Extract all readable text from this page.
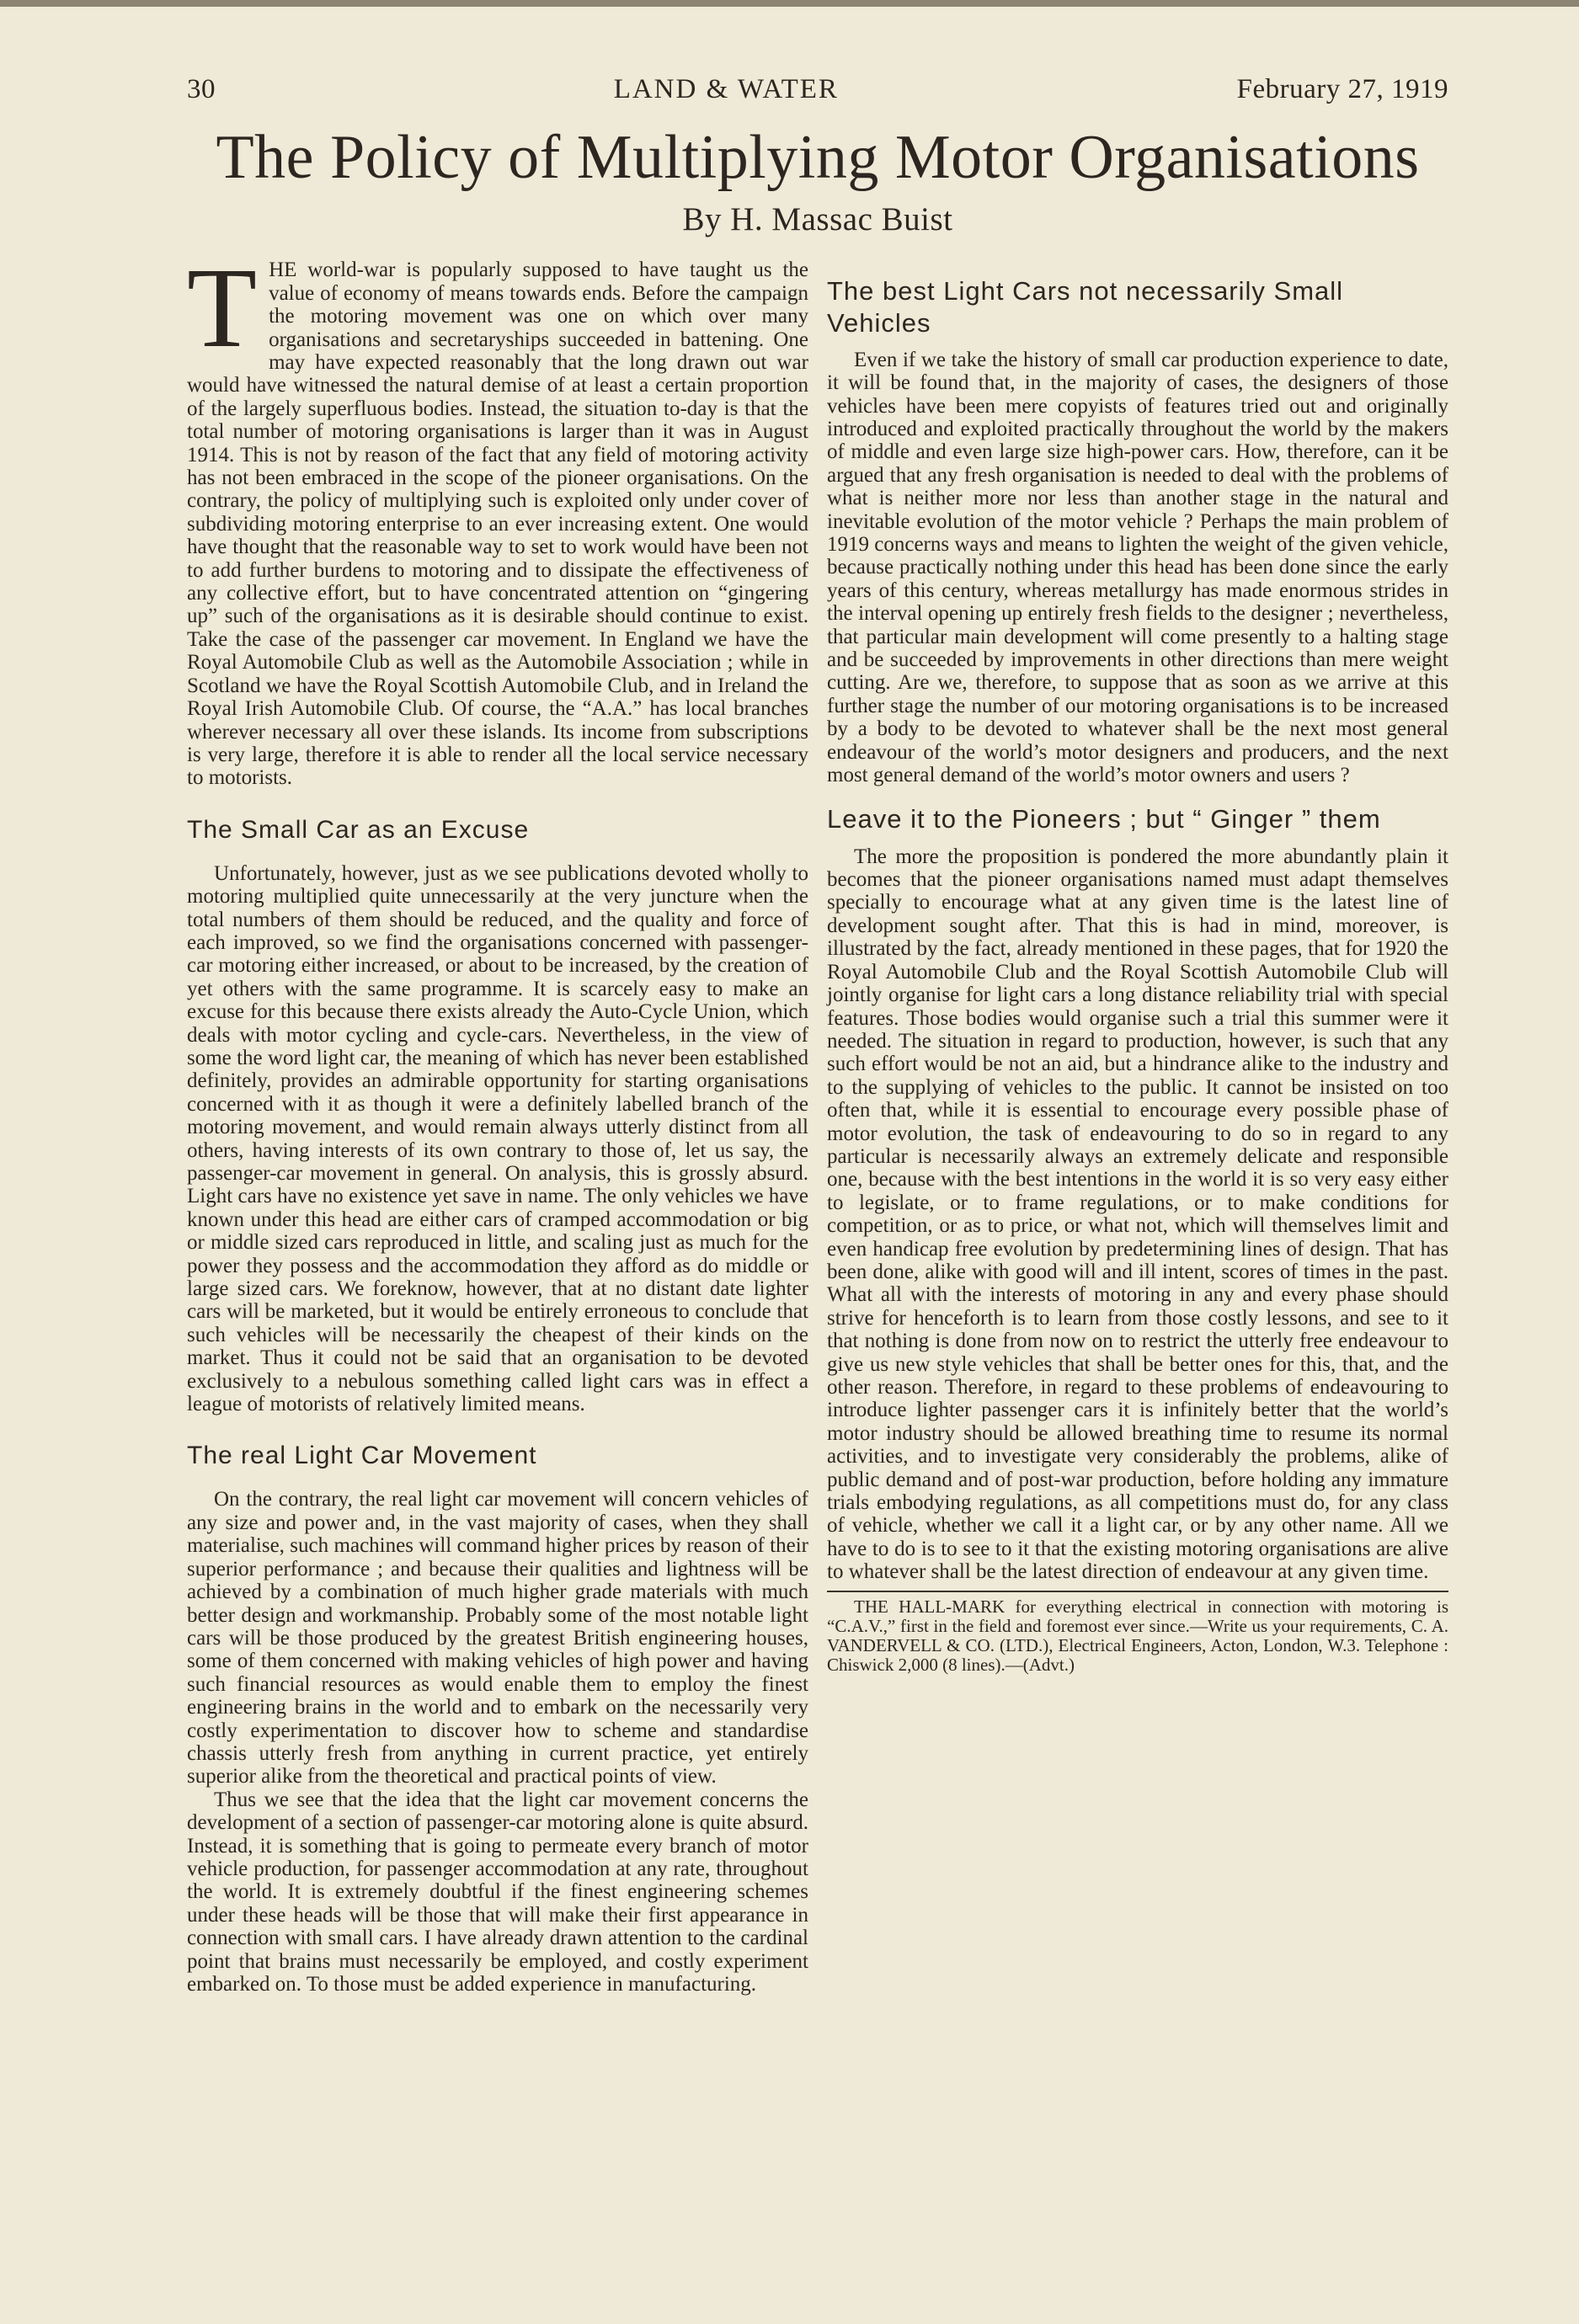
30	LAND & WATER	February 27, 1919
The Policy of Multiplying Motor Organisations
By H. Massac Buist

THE world-war is popularly supposed to have taught us the value of economy of means towards ends. Before the campaign the motoring movement was one on which over many organisations and secretaryships succeeded in battening. One may have expected reasonably that the long drawn out war would have witnessed the natural demise of at least a certain proportion of the largely superfluous bodies. Instead, the situation to-day is that the total number of motoring organisations is larger than it was in August 1914. This is not by reason of the fact that any field of motoring activity has not been embraced in the scope of the pioneer organisations. On the contrary, the policy of multiplying such is exploited only under cover of subdividing motoring enterprise to an ever increasing extent. One would have thought that the reasonable way to set to work would have been not to add further burdens to motoring and to dissipate the effectiveness of any collective effort, but to have concentrated attention on “gingering up” such of the organisations as it is desirable should continue to exist. Take the case of the passenger car movement. In England we have the Royal Automobile Club as well as the Automobile Association ; while in Scotland we have the Royal Scottish Automobile Club, and in Ireland the Royal Irish Automobile Club. Of course, the “A.A.” has local branches wherever necessary all over these islands. Its income from subscriptions is very large, therefore it is able to render all the local service necessary to motorists.

The Small Car as an Excuse

Unfortunately, however, just as we see publications devoted wholly to motoring multiplied quite unnecessarily at the very juncture when the total numbers of them should be reduced, and the quality and force of each improved, so we find the organisations concerned with passenger-car motoring either increased, or about to be increased, by the creation of yet others with the same programme. It is scarcely easy to make an excuse for this because there exists already the Auto-Cycle Union, which deals with motor cycling and cycle-cars. Nevertheless, in the view of some the word light car, the meaning of which has never been established definitely, provides an admirable opportunity for starting organisations concerned with it as though it were a definitely labelled branch of the motoring movement, and would remain always utterly distinct from all others, having interests of its own contrary to those of, let us say, the passenger-car movement in general. On analysis, this is grossly absurd. Light cars have no existence yet save in name. The only vehicles we have known under this head are either cars of cramped accommodation or big or middle sized cars reproduced in little, and scaling just as much for the power they possess and the accommodation they afford as do middle or large sized cars. We foreknow, however, that at no distant date lighter cars will be marketed, but it would be entirely erroneous to conclude that such vehicles will be necessarily the cheapest of their kinds on the market. Thus it could not be said that an organisation to be devoted exclusively to a nebulous something called light cars was in effect a league of motorists of relatively limited means.

The real Light Car Movement

On the contrary, the real light car movement will concern vehicles of any size and power and, in the vast majority of cases, when they shall materialise, such machines will command higher prices by reason of their superior performance ; and because their qualities and lightness will be achieved by a combination of much higher grade materials with much better design and workmanship. Probably some of the most notable light cars will be those produced by the greatest British engineering houses, some of them concerned with making vehicles of high power and having such financial resources as would enable them to employ the finest engineering brains in the world and to embark on the necessarily very costly experimentation to discover how to scheme and standardise chassis utterly fresh from anything in current practice, yet entirely superior alike from the theoretical and practical points of view.

Thus we see that the idea that the light car movement concerns the development of a section of passenger-car motoring alone is quite absurd. Instead, it is something that is going to permeate every branch of motor vehicle production, for passenger accommodation at any rate, throughout the world. It is extremely doubtful if the finest engineering schemes under these heads will be those that will make their first appearance in connection with small cars. I have already drawn attention to the cardinal point that brains must necessarily be employed, and costly experiment embarked on. To those must be added experience in manufacturing.

The best Light Cars not necessarily Small Vehicles

Even if we take the history of small car production experience to date, it will be found that, in the majority of cases, the designers of those vehicles have been mere copyists of features tried out and originally introduced and exploited practically throughout the world by the makers of middle and even large size high-power cars. How, therefore, can it be argued that any fresh organisation is needed to deal with the problems of what is neither more nor less than another stage in the natural and inevitable evolution of the motor vehicle ? Perhaps the main problem of 1919 concerns ways and means to lighten the weight of the given vehicle, because practically nothing under this head has been done since the early years of this century, whereas metallurgy has made enormous strides in the interval opening up entirely fresh fields to the designer ; nevertheless, that particular main development will come presently to a halting stage and be succeeded by improvements in other directions than mere weight cutting. Are we, therefore, to suppose that as soon as we arrive at this further stage the number of our motoring organisations is to be increased by a body to be devoted to whatever shall be the next most general endeavour of the world’s motor designers and producers, and the next most general demand of the world’s motor owners and users ?

Leave it to the Pioneers ; but “ Ginger ” them

The more the proposition is pondered the more abundantly plain it becomes that the pioneer organisations named must adapt themselves specially to encourage what at any given time is the latest line of development sought after. That this is had in mind, moreover, is illustrated by the fact, already mentioned in these pages, that for 1920 the Royal Automobile Club and the Royal Scottish Automobile Club will jointly organise for light cars a long distance reliability trial with special features. Those bodies would organise such a trial this summer were it needed. The situation in regard to production, however, is such that any such effort would be not an aid, but a hindrance alike to the industry and to the supplying of vehicles to the public. It cannot be insisted on too often that, while it is essential to encourage every possible phase of motor evolution, the task of endeavouring to do so in regard to any particular is necessarily always an extremely delicate and responsible one, because with the best intentions in the world it is so very easy either to legislate, or to frame regulations, or to make conditions for competition, or as to price, or what not, which will themselves limit and even handicap free evolution by predetermining lines of design. That has been done, alike with good will and ill intent, scores of times in the past. What all with the interests of motoring in any and every phase should strive for henceforth is to learn from those costly lessons, and see to it that nothing is done from now on to restrict the utterly free endeavour to give us new style vehicles that shall be better ones for this, that, and the other reason. Therefore, in regard to these problems of endeavouring to introduce lighter passenger cars it is infinitely better that the world’s motor industry should be allowed breathing time to resume its normal activities, and to investigate very considerably the problems, alike of public demand and of post-war production, before holding any immature trials embodying regulations, as all competitions must do, for any class of vehicle, whether we call it a light car, or by any other name. All we have to do is to see to it that the existing motoring organisations are alive to whatever shall be the latest direction of endeavour at any given time.

THE HALL-MARK for everything electrical in connection with motoring is “C.A.V.,” first in the field and foremost ever since.—Write us your requirements, C. A. VANDERVELL & CO. (LTD.), Electrical Engineers, Acton, London, W.3. Telephone : Chiswick 2,000 (8 lines).—(Advt.)
